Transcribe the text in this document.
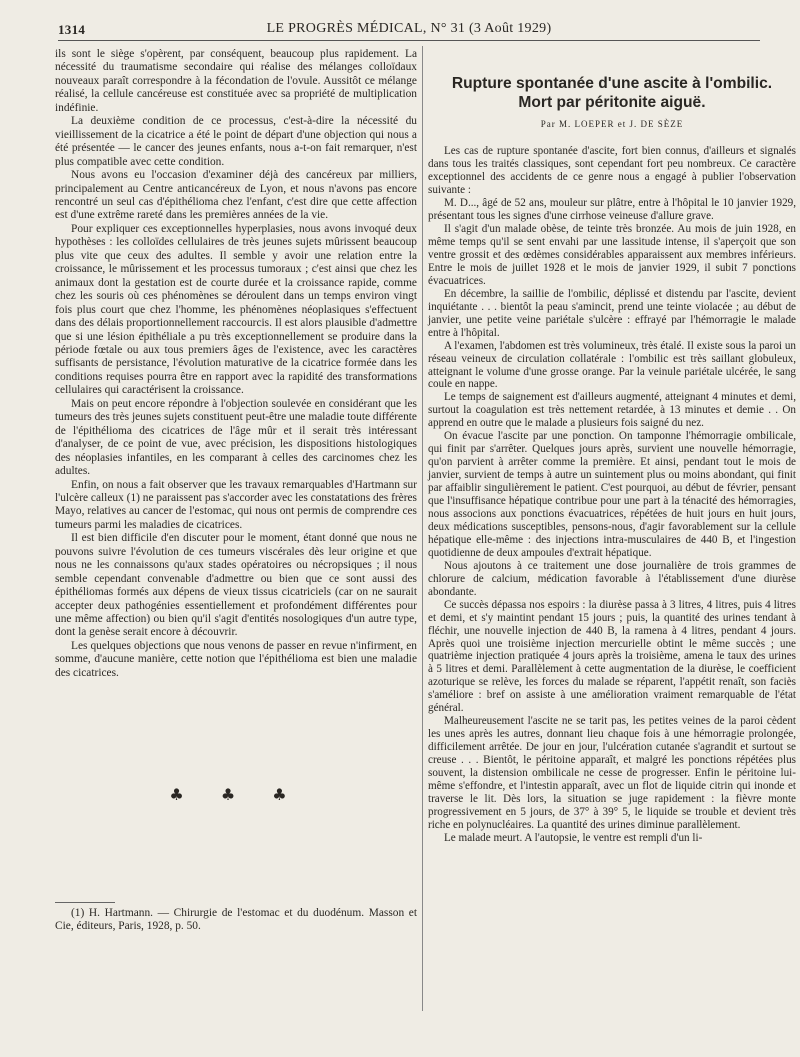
1314	LE PROGRÈS MÉDICAL, N° 31 (3 Août 1929)

ils sont le siège s'opèrent, par conséquent, beaucoup plus rapidement. La nécessité du traumatisme secondaire qui réalise des mélanges colloïdaux nouveaux paraît correspondre à la fécondation de l'ovule. Aussitôt ce mélange réalisé, la cellule cancéreuse est constituée avec sa propriété de multiplication indéfinie.

La deuxième condition de ce processus, c'est-à-dire la nécessité du vieillissement de la cicatrice a été le point de départ d'une objection qui nous a été présentée — le cancer des jeunes enfants, nous a-t-on fait remarquer, n'est plus compatible avec cette condition.

Nous avons eu l'occasion d'examiner déjà des cancéreux par milliers, principalement au Centre anticancéreux de Lyon, et nous n'avons pas encore rencontré un seul cas d'épithélioma chez l'enfant, c'est dire que cette affection est d'une extrême rareté dans les premières années de la vie.

Pour expliquer ces exceptionnelles hyperplasies, nous avons invoqué deux hypothèses : les colloïdes cellulaires de très jeunes sujets mûrissent beaucoup plus vite que ceux des adultes. Il semble y avoir une relation entre la croissance, le mûrissement et les processus tumoraux ; c'est ainsi que chez les animaux dont la gestation est de courte durée et la croissance rapide, comme chez les souris où ces phénomènes se déroulent dans un temps environ vingt fois plus court que chez l'homme, les phénomènes néoplasiques s'effectuent dans des délais proportionnellement raccourcis. Il est alors plausible d'admettre que si une lésion épithéliale a pu très exceptionnellement se produire dans la période fœtale ou aux tous premiers âges de l'existence, avec les caractères suffisants de persistance, l'évolution maturative de la cicatrice formée dans les conditions requises pourra être en rapport avec la rapidité des transformations cellulaires qui caractérisent la croissance.

Mais on peut encore répondre à l'objection soulevée en considérant que les tumeurs des très jeunes sujets constituent peut-être une maladie toute différente de l'épithélioma des cicatrices de l'âge mûr et il serait très intéressant d'analyser, de ce point de vue, avec précision, les dispositions histologiques des néoplasies infantiles, en les comparant à celles des carcinomes chez les adultes.

Enfin, on nous a fait observer que les travaux remarquables d'Hartmann sur l'ulcère calleux (1) ne paraissent pas s'accorder avec les constatations des frères Mayo, relatives au cancer de l'estomac, qui nous ont permis de comprendre ces tumeurs parmi les maladies de cicatrices.

Il est bien difficile d'en discuter pour le moment, étant donné que nous ne pouvons suivre l'évolution de ces tumeurs viscérales dès leur origine et que nous ne les connaissons qu'aux stades opératoires ou nécropsiques ; il nous semble cependant convenable d'admettre ou bien que ce sont aussi des épithéliomas formés aux dépens de vieux tissus cicatriciels (car on ne saurait accepter deux pathogénies essentiellement et profondément différentes pour une même affection) ou bien qu'il s'agit d'entités nosologiques d'un autre type, dont la genèse serait encore à découvrir.

Les quelques objections que nous venons de passer en revue n'infirment, en somme, d'aucune manière, cette notion que l'épithélioma est bien une maladie des cicatrices.

♣ ♣ ♣

(1) H. Hartmann. — Chirurgie de l'estomac et du duodénum. Masson et Cie, éditeurs, Paris, 1928, p. 50.

Rupture spontanée d'une ascite à l'ombilic.
Mort par péritonite aiguë.
Par M. LOEPER et J. DE SÈZE

Les cas de rupture spontanée d'ascite, fort bien connus, d'ailleurs et signalés dans tous les traités classiques, sont cependant fort peu nombreux. Ce caractère exceptionnel des accidents de ce genre nous a engagé à publier l'observation suivante :

M. D..., âgé de 52 ans, mouleur sur plâtre, entre à l'hôpital le 10 janvier 1929, présentant tous les signes d'une cirrhose veineuse d'allure grave.

Il s'agit d'un malade obèse, de teinte très bronzée. Au mois de juin 1928, en même temps qu'il se sent envahi par une lassitude intense, il s'aperçoit que son ventre grossit et des œdèmes considérables apparaissent aux membres inférieurs. Entre le mois de juillet 1928 et le mois de janvier 1929, il subit 7 ponctions évacuatrices.

En décembre, la saillie de l'ombilic, déplissé et distendu par l'ascite, devient inquiétante . . . bientôt la peau s'amincit, prend une teinte violacée ; au début de janvier, une petite veine pariétale s'ulcère : effrayé par l'hémorragie le malade entre à l'hôpital.

A l'examen, l'abdomen est très volumineux, très étalé. Il existe sous la paroi un réseau veineux de circulation collatérale : l'ombilic est très saillant globuleux, atteignant le volume d'une grosse orange. Par la veinule pariétale ulcérée, le sang coule en nappe.

Le temps de saignement est d'ailleurs augmenté, atteignant 4 minutes et demi, surtout la coagulation est très nettement retardée, à 13 minutes et demie . . On apprend en outre que le malade a plusieurs fois saigné du nez.

On évacue l'ascite par une ponction. On tamponne l'hémorragie ombilicale, qui finit par s'arrêter. Quelques jours après, survient une nouvelle hémorragie, qu'on parvient à arrêter comme la première. Et ainsi, pendant tout le mois de janvier, survient de temps à autre un suintement plus ou moins abondant, qui finit par affaiblir singulièrement le patient. C'est pourquoi, au début de février, pensant que l'insuffisance hépatique contribue pour une part à la ténacité des hémorragies, nous associons aux ponctions évacuatrices, répétées de huit jours en huit jours, deux médications susceptibles, pensons-nous, d'agir favorablement sur la cellule hépatique elle-même : des injections intra-musculaires de 440 B, et l'ingestion quotidienne de deux ampoules d'extrait hépatique.

Nous ajoutons à ce traitement une dose journalière de trois grammes de chlorure de calcium, médication favorable à l'établissement d'une diurèse abondante.

Ce succès dépassa nos espoirs : la diurèse passa à 3 litres, 4 litres, puis 4 litres et demi, et s'y maintint pendant 15 jours ; puis, la quantité des urines tendant à fléchir, une nouvelle injection de 440 B, la ramena à 4 litres, pendant 4 jours. Après quoi une troisième injection mercurielle obtint le même succès ; une quatrième injection pratiquée 4 jours après la troisième, amena le taux des urines à 5 litres et demi. Parallèlement à cette augmentation de la diurèse, le coefficient azoturique se relève, les forces du malade se réparent, l'appétit renaît, son faciès s'améliore : bref on assiste à une amélioration vraiment remarquable de l'état général.

Malheureusement l'ascite ne se tarit pas, les petites veines de la paroi cèdent les unes après les autres, donnant lieu chaque fois à une hémorragie prolongée, difficilement arrêtée. De jour en jour, l'ulcération cutanée s'agrandit et surtout se creuse . . . Bientôt, le péritoine apparaît, et malgré les ponctions répétées plus souvent, la distension ombilicale ne cesse de progresser. Enfin le péritoine lui-même s'effondre, et l'intestin apparaît, avec un flot de liquide citrin qui inonde et traverse le lit. Dès lors, la situation se juge rapidement : la fièvre monte progressivement en 5 jours, de 37° à 39° 5, le liquide se trouble et devient très riche en polynucléaires. La quantité des urines diminue parallèlement.

Le malade meurt. A l'autopsie, le ventre est rempli d'un li-
